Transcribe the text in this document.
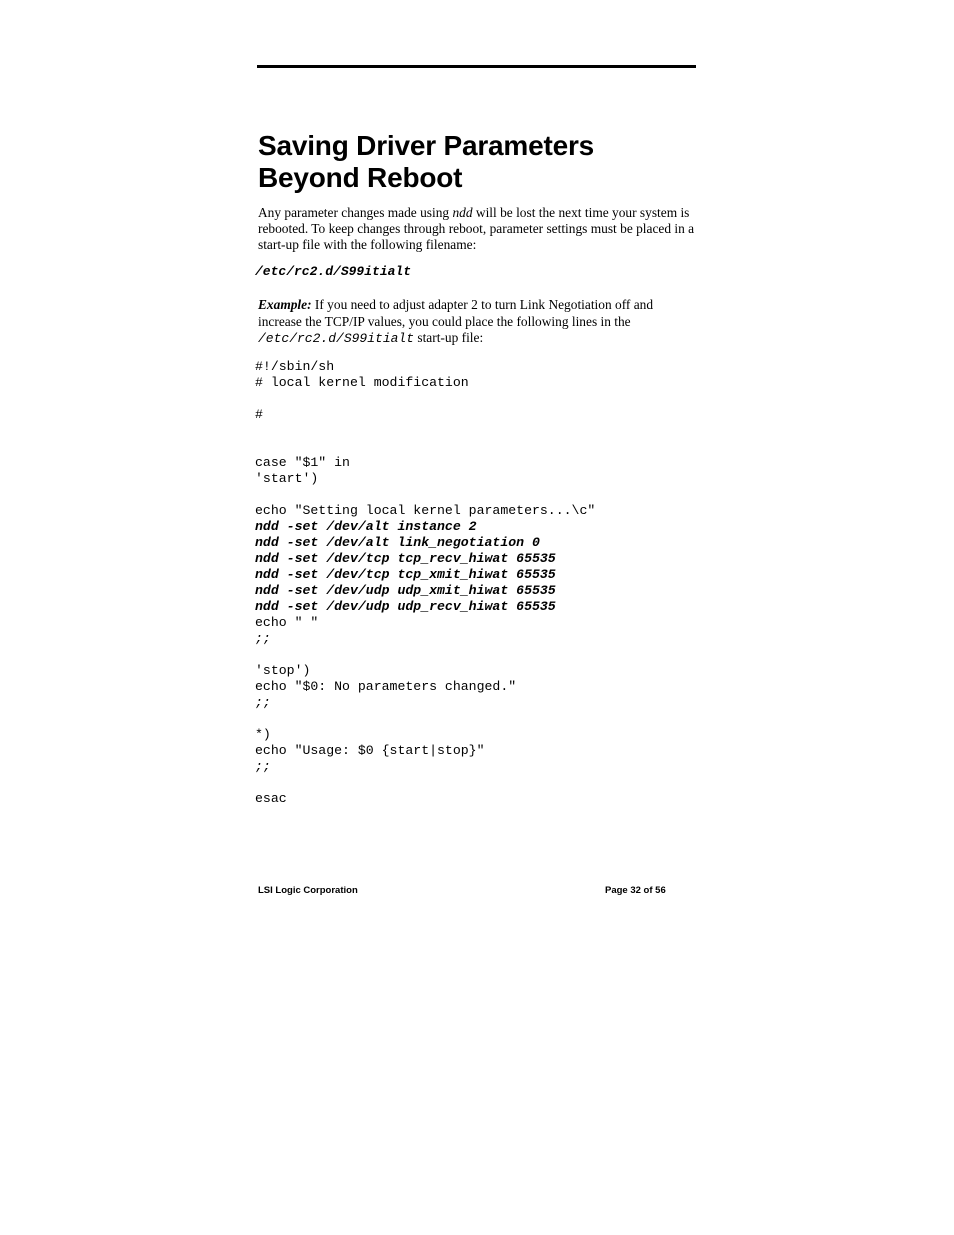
Saving Driver Parameters
Beyond Reboot

Any parameter changes made using ndd will be lost the next time your system is rebooted. To keep changes through reboot, parameter settings must be placed in a start-up file with the following filename:

/etc/rc2.d/S99itialt

Example: If you need to adjust adapter 2 to turn Link Negotiation off and increase the TCP/IP values, you could place the following lines in the /etc/rc2.d/S99itialt start-up file:

#!/sbin/sh
# local kernel modification
#
case "$1" in
'start')
echo "Setting local kernel parameters...\c"
ndd -set /dev/alt instance 2
ndd -set /dev/alt link_negotiation 0
ndd -set /dev/tcp tcp_recv_hiwat 65535
ndd -set /dev/tcp tcp_xmit_hiwat 65535
ndd -set /dev/udp udp_xmit_hiwat 65535
ndd -set /dev/udp udp_recv_hiwat 65535
echo " "
;;
'stop')
echo "$0: No parameters changed."
;;
*)
echo "Usage: $0 {start|stop}"
;;
esac
LSI Logic Corporation	Page 32 of 56
